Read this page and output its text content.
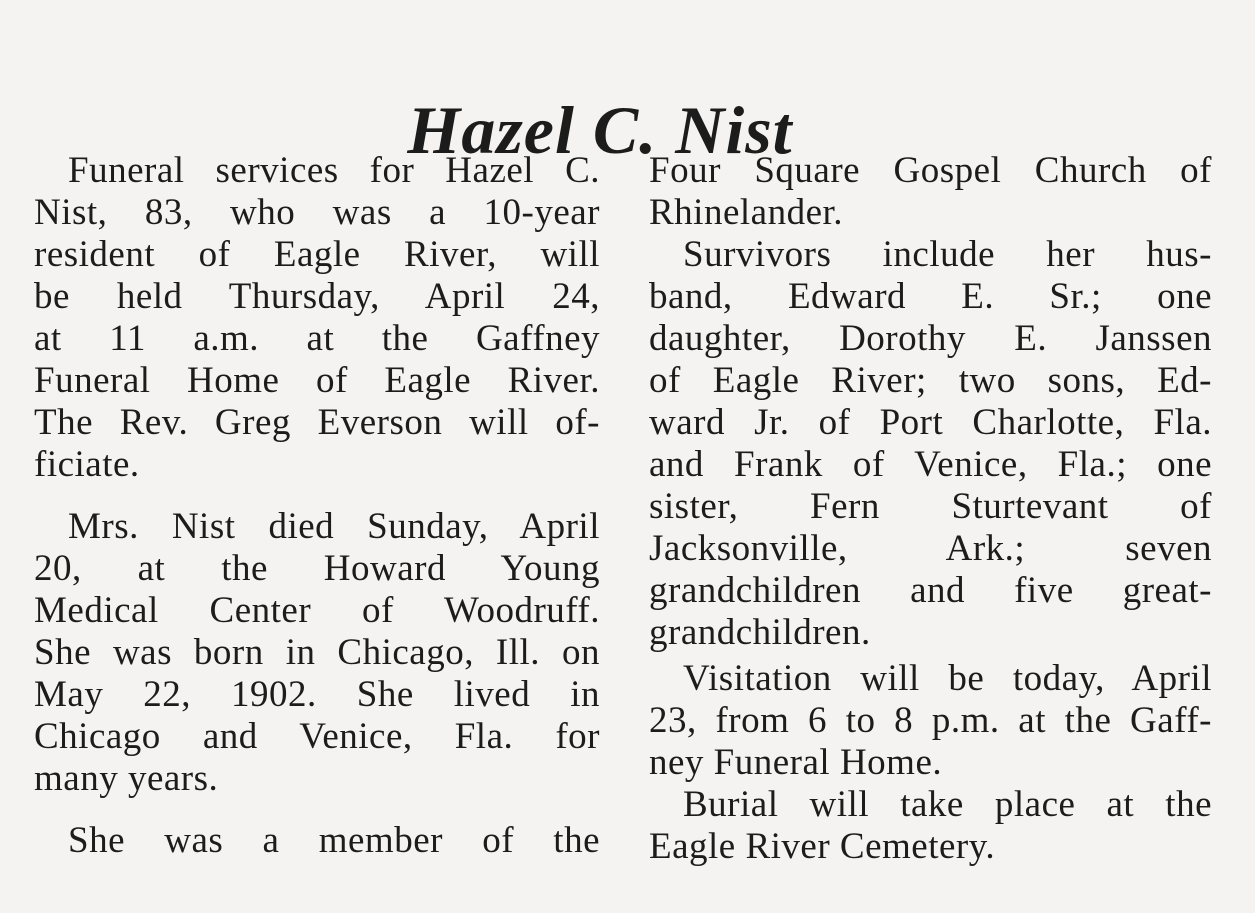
Hazel C. Nist
Funeral services for Hazel C.
Nist, 83, who was a 10-year
resident of Eagle River, will
be held Thursday, April 24,
at 11 a.m. at the Gaffney
Funeral Home of Eagle River.
The Rev. Greg Everson will of-
ficiate.
Mrs. Nist died Sunday, April
20, at the Howard Young
Medical Center of Woodruff.
She was born in Chicago, Ill. on
May 22, 1902. She lived in
Chicago and Venice, Fla. for
many years.
She was a member of the
Four Square Gospel Church of
Rhinelander.
Survivors include her hus-
band, Edward E. Sr.; one
daughter, Dorothy E. Janssen
of Eagle River; two sons, Ed-
ward Jr. of Port Charlotte, Fla.
and Frank of Venice, Fla.; one
sister, Fern Sturtevant of
Jacksonville, Ark.; seven
grandchildren and five great-
grandchildren.
Visitation will be today, April
23, from 6 to 8 p.m. at the Gaff-
ney Funeral Home.
Burial will take place at the
Eagle River Cemetery.
